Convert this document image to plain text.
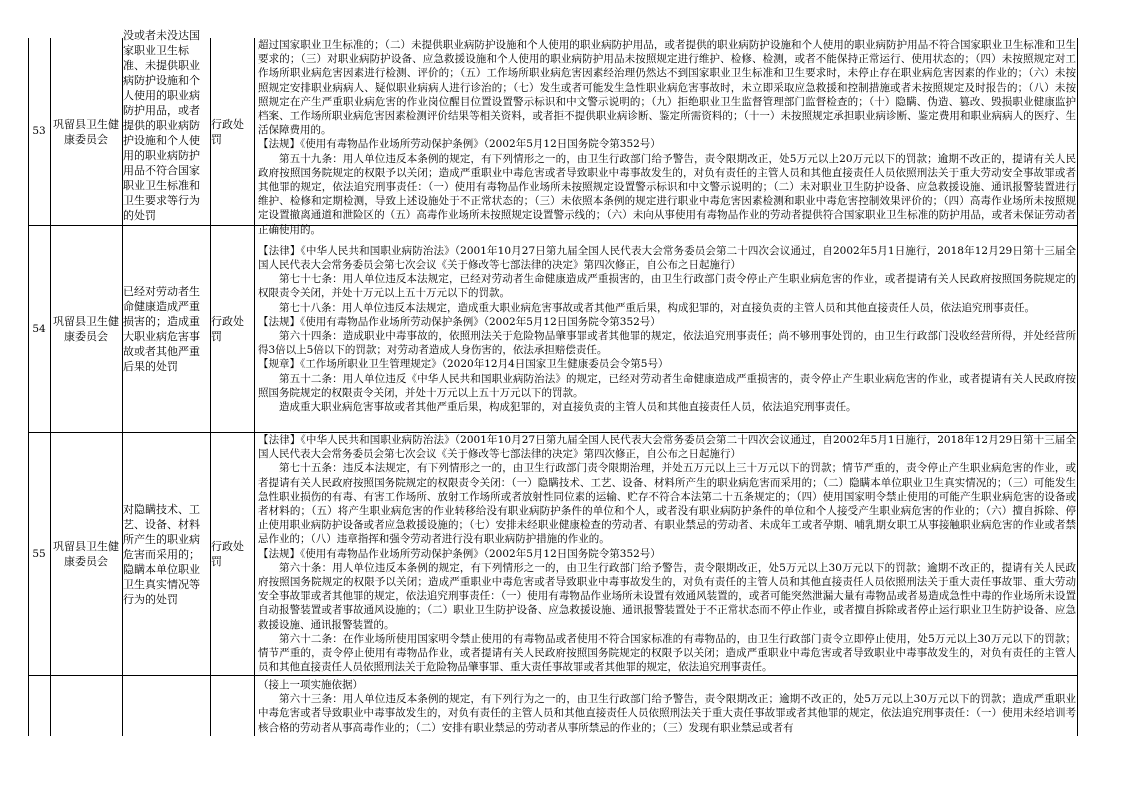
53
巩留县卫生健康委员会
没或者未没达国家职业卫生标准、未提供职业病防护设施和个人使用的职业病防护用品，或者提供的职业病防护设施和个人使用的职业病防护用品不符合国家职业卫生标准和卫生要求等行为的处罚
行政处罚

超过国家职业卫生标准的；（二）未提供职业病防护设施和个人使用的职业病防护用品，或者提供的职业病防护设施和个人使用的职业病防护用品不符合国家职业卫生标准和卫生要求的；（三）对职业病防护设备、应急救援设施和个人使用的职业病防护用品未按照规定进行维护、检修、检测，或者不能保持正常运行、使用状态的；（四）未按照规定对工作场所职业病危害因素进行检测、评价的；（五）工作场所职业病危害因素经治理仍然达不到国家职业卫生标准和卫生要求时，未停止存在职业病危害因素的作业的；（六）未按照规定安排职业病病人、疑似职业病病人进行诊治的；（七）发生或者可能发生急性职业病危害事故时，未立即采取应急救援和控制措施或者未按照规定及时报告的；（八）未按照规定在产生严重职业病危害的作业岗位醒目位置设置警示标识和中文警示说明的；（九）拒绝职业卫生监督管理部门监督检查的；（十）隐瞒、伪造、篡改、毁损职业健康监护档案、工作场所职业病危害因素检测评价结果等相关资料，或者拒不提供职业病诊断、鉴定所需资料的；（十一）未按照规定承担职业病诊断、鉴定费用和职业病病人的医疗、生活保障费用的。

【法规】《使用有毒物品作业场所劳动保护条例》（2002年5月12日国务院令第352号）

第五十九条：用人单位违反本条例的规定，有下列情形之一的，由卫生行政部门给予警告，责令限期改正，处5万元以上20万元以下的罚款；逾期不改正的，提请有关人民政府按照国务院规定的权限予以关闭；造成严重职业中毒危害或者导致职业中毒事故发生的，对负有责任的主管人员和其他直接责任人员依照刑法关于重大劳动安全事故罪或者其他罪的规定，依法追究刑事责任：（一）使用有毒物品作业场所未按照规定设置警示标识和中文警示说明的；（二）未对职业卫生防护设备、应急救援设施、通讯报警装置进行维护、检修和定期检测，导致上述设施处于不正常状态的；（三）未依照本条例的规定进行职业中毒危害因素检测和职业中毒危害控制效果评价的；（四）高毒作业场所未按照规定设置撤离通道和泄险区的（五）高毒作业场所未按照规定设置警示线的；（六）未向从事使用有毒物品作业的劳动者提供符合国家职业卫生标准的防护用品，或者未保证劳动者正确使用的。

54
巩留县卫生健康委员会
已经对劳动者生命健康造成严重损害的；造成重大职业病危害事故或者其他严重后果的处罚
行政处罚

【法律】《中华人民共和国职业病防治法》（2001年10月27日第九届全国人民代表大会常务委员会第二十四次会议通过，自2002年5月1日施行，2018年12月29日第十三届全国人民代表大会常务委员会第七次会议《关于修改等七部法律的决定》第四次修正，自公布之日起施行）

第七十七条：用人单位违反本法规定，已经对劳动者生命健康造成严重损害的，由卫生行政部门责令停止产生职业病危害的作业，或者提请有关人民政府按照国务院规定的权限责令关闭，并处十万元以上五十万元以下的罚款。

第七十八条：用人单位违反本法规定，造成重大职业病危害事故或者其他严重后果，构成犯罪的，对直接负责的主管人员和其他直接责任人员，依法追究刑事责任。

【法规】《使用有毒物品作业场所劳动保护条例》（2002年5月12日国务院令第352号）

第六十四条：造成职业中毒事故的，依照刑法关于危险物品肇事罪或者其他罪的规定，依法追究刑事责任；尚不够刑事处罚的，由卫生行政部门没收经营所得，并处经营所得3倍以上5倍以下的罚款；对劳动者造成人身伤害的，依法承担赔偿责任。

【规章】《工作场所职业卫生管理规定》（2020年12月4日国家卫生健康委员会令第5号）

第五十二条：用人单位违反《中华人民共和国职业病防治法》的规定，已经对劳动者生命健康造成严重损害的，责令停止产生职业病危害的作业，或者提请有关人民政府按照国务院规定的权限责令关闭，并处十万元以上五十万元以下的罚款。

造成重大职业病危害事故或者其他严重后果，构成犯罪的，对直接负责的主管人员和其他直接责任人员，依法追究刑事责任。

55
巩留县卫生健康委员会
对隐瞒技术、工艺、设备、材料所产生的职业病危害而采用的；隐瞒本单位职业卫生真实情况等行为的处罚
行政处罚

【法律】《中华人民共和国职业病防治法》（2001年10月27日第九届全国人民代表大会常务委员会第二十四次会议通过，自2002年5月1日施行，2018年12月29日第十三届全国人民代表大会常务委员会第七次会议《关于修改等七部法律的决定》第四次修正，自公布之日起施行）

第七十五条：违反本法规定，有下列情形之一的，由卫生行政部门责令限期治理，并处五万元以上三十万元以下的罚款；情节严重的，责令停止产生职业病危害的作业，或者提请有关人民政府按照国务院规定的权限责令关闭：（一）隐瞒技术、工艺、设备、材料所产生的职业病危害而采用的；（二）隐瞒本单位职业卫生真实情况的；（三）可能发生急性职业损伤的有毒、有害工作场所、放射工作场所或者放射性同位素的运输、贮存不符合本法第二十五条规定的；（四）使用国家明令禁止使用的可能产生职业病危害的设备或者材料的；（五）将产生职业病危害的作业转移给没有职业病防护条件的单位和个人，或者没有职业病防护条件的单位和个人接受产生职业病危害的作业的；（六）擅自拆除、停止使用职业病防护设备或者应急救援设施的；（七）安排未经职业健康检查的劳动者、有职业禁忌的劳动者、未成年工或者孕期、哺乳期女职工从事接触职业病危害的作业或者禁忌作业的；（八）违章指挥和强令劳动者进行没有职业病防护措施的作业的。

【法规】《使用有毒物品作业场所劳动保护条例》（2002年5月12日国务院令第352号）

第六十条：用人单位违反本条例的规定，有下列情形之一的，由卫生行政部门给予警告，责令限期改正，处5万元以上30万元以下的罚款；逾期不改正的，提请有关人民政府按照国务院规定的权限予以关闭；造成严重职业中毒危害或者导致职业中毒事故发生的，对负有责任的主管人员和其他直接责任人员依照刑法关于重大责任事故罪、重大劳动安全事故罪或者其他罪的规定，依法追究刑事责任：（一）使用有毒物品作业场所未设置有效通风装置的，或者可能突然泄漏大量有毒物品或者易造成急性中毒的作业场所未设置自动报警装置或者事故通风设施的；（二）职业卫生防护设备、应急救援设施、通讯报警装置处于不正常状态而不停止作业，或者擅自拆除或者停止运行职业卫生防护设备、应急救援设施、通讯报警装置的。

第六十二条：在作业场所使用国家明令禁止使用的有毒物品或者使用不符合国家标准的有毒物品的，由卫生行政部门责令立即停止使用，处5万元以上30万元以下的罚款；情节严重的，责令停止使用有毒物品作业，或者提请有关人民政府按照国务院规定的权限予以关闭；造成严重职业中毒危害或者导致职业中毒事故发生的，对负有责任的主管人员和其他直接责任人员依照刑法关于危险物品肇事罪、重大责任事故罪或者其他罪的规定，依法追究刑事责任。

（接上一项实施依据）

第六十三条：用人单位违反本条例的规定，有下列行为之一的，由卫生行政部门给予警告，责令限期改正；逾期不改正的，处5万元以上30万元以下的罚款；造成严重职业中毒危害或者导致职业中毒事故发生的，对负有责任的主管人员和其他直接责任人员依照刑法关于重大责任事故罪或者其他罪的规定，依法追究刑事责任：（一）使用未经培训考核合格的劳动者从事高毒作业的；（二）安排有职业禁忌的劳动者从事所禁忌的作业的；（三）发现有职业禁忌或者有
